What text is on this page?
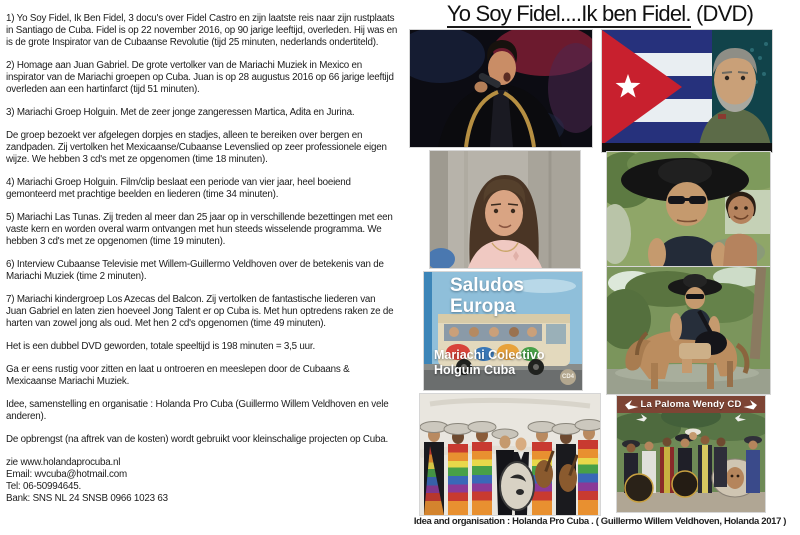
1) Yo Soy Fidel, Ik Ben Fidel, 3 docu's over Fidel Castro en zijn laatste reis naar zijn rustplaats in Santiago de Cuba. Fidel is op 22 november 2016, op 90 jarige leeftijd, overleden. Hij was en is de grote Inspirator van de Cubaanse Revolutie (tijd 25 minuten, nederlands ondertiteld).

2) Homage aan Juan Gabriel. De grote vertolker van de Mariachi Muziek in Mexico en inspirator van de Mariachi groepen op Cuba. Juan is op 28 augustus 2016 op 66 jarige leeftijd overleden aan een hartinfarct (tijd 51 minuten).

3) Mariachi Groep Holguin. Met de zeer jonge zangeressen Martica, Adita en Jurina.

De groep bezoekt ver afgelegen dorpjes en stadjes, alleen te bereiken over bergen en zandpaden. Zij vertolken het Mexicaanse/Cubaanse Levenslied op zeer professionele eigen wijze. We hebben 3 cd's met ze opgenomen (time 18 minuten).

4) Mariachi Groep Holguin. Film/clip beslaat een periode van vier jaar, heel boeiend gemonteerd met prachtige beelden en liederen (time 34 minuten).

5) Mariachi Las Tunas. Zij treden al meer dan 25 jaar op in verschillende bezettingen met een vaste kern en worden overal warm ontvangen met hun steeds wisselende programma. We hebben 3 cd's met ze opgenomen (time 19 minuten).

6) Interview Cubaanse Televisie met Willem-Guillermo Veldhoven over de betekenis van de Mariachi Muziek (time 2 minuten).

7) Mariachi kindergroep Los Azecas del Balcon. Zij vertolken de fantastische liederen van Juan Gabriel en laten zien hoeveel Jong Talent er op Cuba is. Met hun optredens raken ze de harten van zowel jong als oud. Met hen 2 cd's opgenomen (time 49 minuten).

Het is een dubbel DVD geworden, totale speeltijd is 198 minuten = 3,5 uur.

Ga er eens rustig voor zitten en laat u ontroeren en meeslepen door de Cubaans & Mexicaanse Mariachi Muziek.

Idee, samenstelling en organisatie : Holanda Pro Cuba (Guillermo Willem Veldhoven en vele anderen).

De opbrengst (na aftrek van de kosten) wordt gebruikt voor kleinschalige projecten op Cuba.

zie www.holandaprocuba.nl
Email: wvcuba@hotmail.com
Tel: 06-50994645.
Bank: SNS NL 24 SNSB 0966 1023 63
Yo Soy Fidel....Ik ben Fidel. (DVD)
Saludos
Europa
Mariachi Colectivo
Holguin Cuba
CD4
La Paloma Wendy CD
Idea and organisation : Holanda Pro Cuba . ( Guillermo Willem Veldhoven, Holanda 2017 )
